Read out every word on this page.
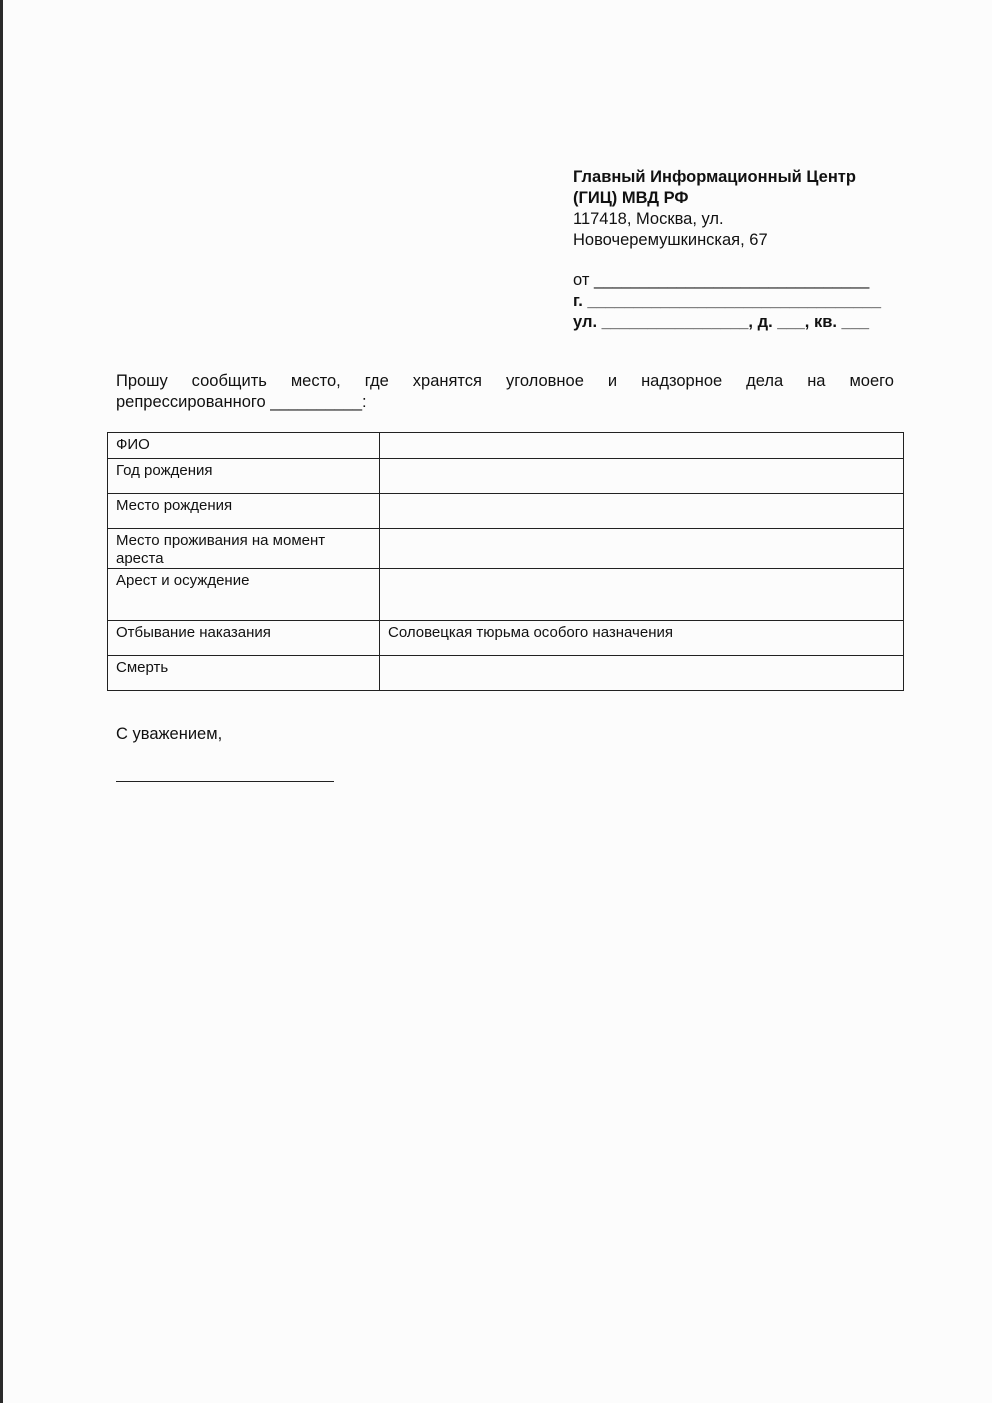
Главный Информационный Центр
(ГИЦ) МВД РФ
117418, Москва, ул.
Новочеремушкинская, 67
от ______________________________
г. ________________________________
ул. ________________, д. ___, кв. ___
Прошу сообщить место, где хранятся уголовное и надзорное дела на моего
репрессированного __________:
ФИО	
Год рождения	
Место рождения	
Место проживания на момент ареста	
Арест и осуждение	
Отбывание наказания	Соловецкая тюрьма особого назначения
Смерть	
С уважением,
